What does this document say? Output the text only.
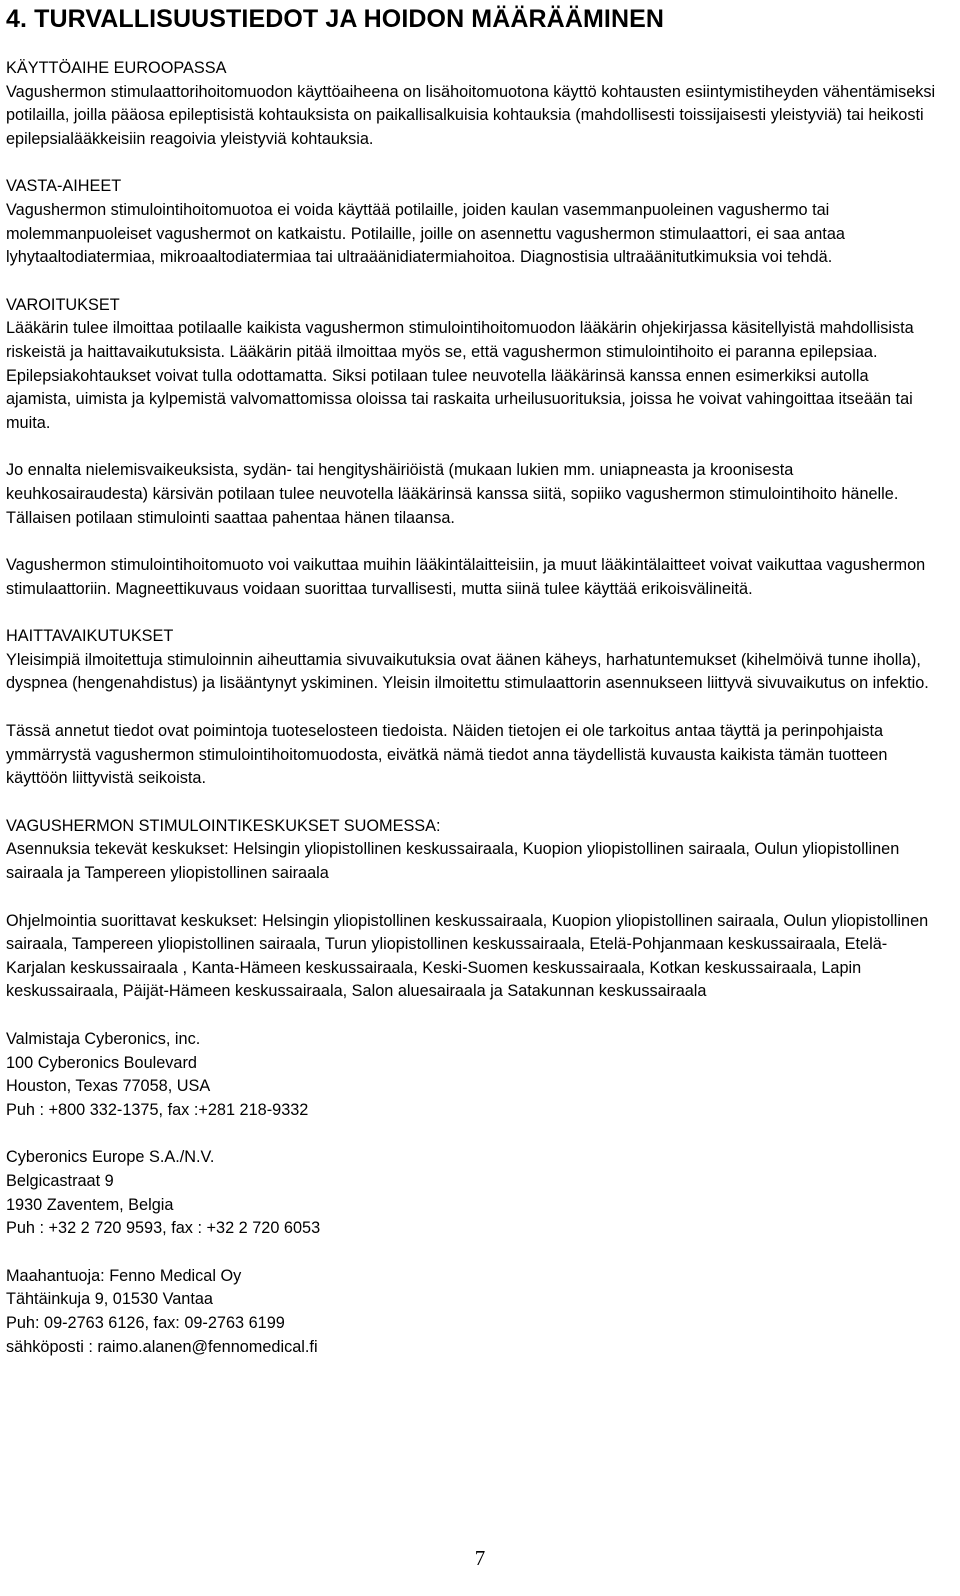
4. TURVALLISUUSTIEDOT JA HOIDON MÄÄRÄÄMINEN
KÄYTTÖAIHE EUROOPASSA

Vagushermon stimulaattorihoitomuodon käyttöaiheena on lisähoitomuotona käyttö kohtausten esiintymistiheyden vähentämiseksi potilailla, joilla pääosa epileptisistä kohtauksista on paikallisalkuisia kohtauksia (mahdollisesti toissijaisesti yleistyviä) tai heikosti epilepsialääkkeisiin reagoivia yleistyviä kohtauksia.

VASTA-AIHEET

Vagushermon stimulointihoitomuotoa ei voida käyttää potilaille, joiden kaulan vasemmanpuoleinen vagushermo tai molemmanpuoleiset vagushermot on katkaistu. Potilaille, joille on asennettu vagushermon stimulaattori, ei saa antaa lyhytaaltodiatermiaa, mikroaaltodiatermiaa tai ultraäänidiatermiahoitoa. Diagnostisia ultraäänitutkimuksia voi tehdä.

VAROITUKSET

Lääkärin tulee ilmoittaa potilaalle kaikista vagushermon stimulointihoitomuodon lääkärin ohjekirjassa käsitellyistä mahdollisista riskeistä ja haittavaikutuksista. Lääkärin pitää ilmoittaa myös se, että vagushermon stimulointihoito ei paranna epilepsiaa. Epilepsiakohtaukset voivat tulla odottamatta. Siksi potilaan tulee neuvotella lääkärinsä kanssa ennen esimerkiksi autolla ajamista, uimista ja kylpemistä valvomattomissa oloissa tai raskaita urheilusuorituksia, joissa he voivat vahingoittaa itseään tai muita.

Jo ennalta nielemisvaikeuksista, sydän- tai hengityshäiriöistä (mukaan lukien mm. uniapneasta ja kroonisesta keuhkosairaudesta) kärsivän potilaan tulee neuvotella lääkärinsä kanssa siitä, sopiiko vagushermon stimulointihoito hänelle. Tällaisen potilaan stimulointi saattaa pahentaa hänen tilaansa.

Vagushermon stimulointihoitomuoto voi vaikuttaa muihin lääkintälaitteisiin, ja muut lääkintälaitteet voivat vaikuttaa vagushermon stimulaattoriin. Magneettikuvaus voidaan suorittaa turvallisesti, mutta siinä tulee käyttää erikoisvälineitä.

HAITTAVAIKUTUKSET

Yleisimpiä ilmoitettuja stimuloinnin aiheuttamia sivuvaikutuksia ovat äänen käheys, harhatuntemukset (kihelmöivä tunne iholla), dyspnea (hengenahdistus) ja lisääntynyt yskiminen. Yleisin ilmoitettu stimulaattorin asennukseen liittyvä sivuvaikutus on infektio.

Tässä annetut tiedot ovat poimintoja tuoteselosteen tiedoista. Näiden tietojen ei ole tarkoitus antaa täyttä ja perinpohjaista ymmärrystä vagushermon stimulointihoitomuodosta, eivätkä nämä tiedot anna täydellistä kuvausta kaikista tämän tuotteen käyttöön liittyvistä seikoista.

VAGUSHERMON STIMULOINTIKESKUKSET SUOMESSA:

Asennuksia tekevät keskukset: Helsingin yliopistollinen keskussairaala, Kuopion yliopistollinen sairaala, Oulun yliopistollinen sairaala ja Tampereen yliopistollinen sairaala

Ohjelmointia suorittavat keskukset: Helsingin yliopistollinen keskussairaala, Kuopion yliopistollinen sairaala, Oulun yliopistollinen sairaala, Tampereen yliopistollinen sairaala, Turun yliopistollinen keskussairaala, Etelä-Pohjanmaan keskussairaala, Etelä-Karjalan keskussairaala , Kanta-Hämeen keskussairaala, Keski-Suomen keskussairaala, Kotkan keskussairaala, Lapin keskussairaala, Päijät-Hämeen keskussairaala, Salon aluesairaala ja Satakunnan keskussairaala

Valmistaja Cyberonics, inc.
100 Cyberonics Boulevard
Houston, Texas 77058, USA
Puh : +800 332-1375, fax :+281 218-9332
Cyberonics Europe S.A./N.V.
Belgicastraat 9
1930 Zaventem, Belgia
Puh : +32 2 720 9593, fax : +32 2 720 6053
Maahantuoja: Fenno Medical Oy
Tähtäinkuja 9, 01530 Vantaa
Puh: 09-2763 6126, fax: 09-2763 6199
sähköposti : raimo.alanen@fennomedical.fi
7
